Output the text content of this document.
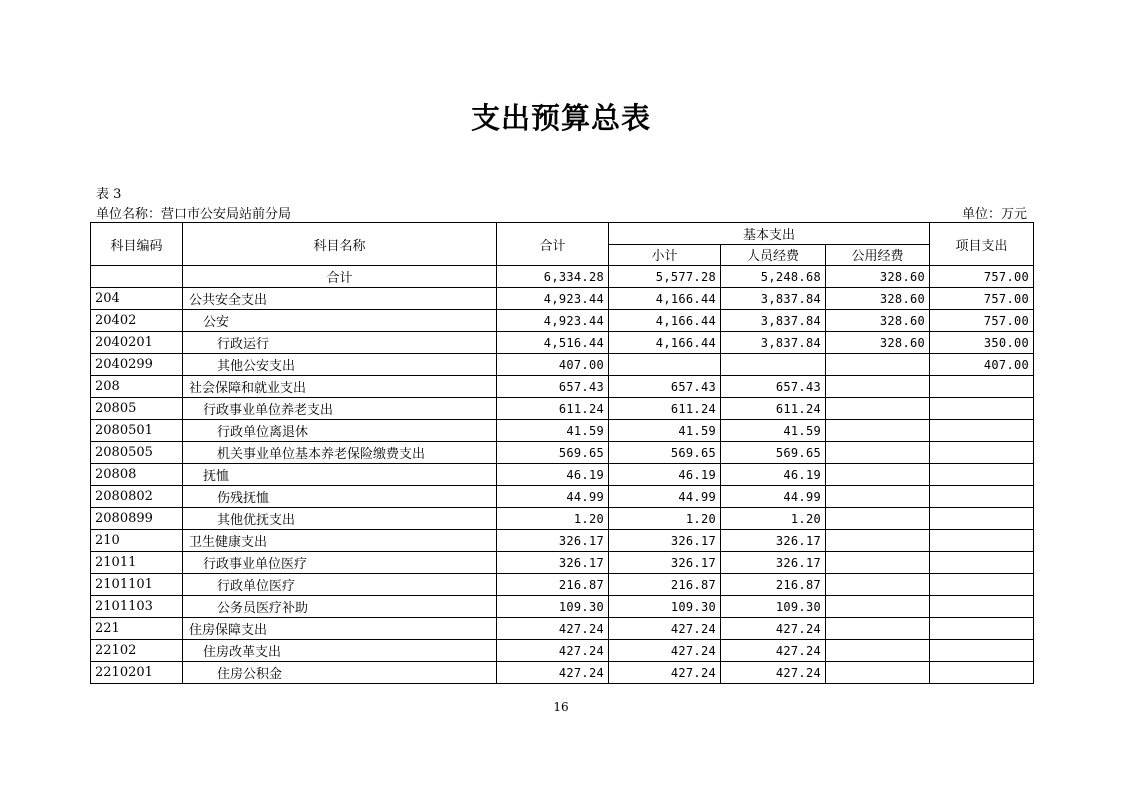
支出预算总表
表 3
单位名称：营口市公安局站前分局	单位：万元
科目编码	科目名称	合计	基本支出			项目支出
			小计	人员经费	公用经费	
	合计	6,334.28	5,577.28	5,248.68	328.60	757.00
204	公共安全支出	4,923.44	4,166.44	3,837.84	328.60	757.00
20402	公安	4,923.44	4,166.44	3,837.84	328.60	757.00
2040201	行政运行	4,516.44	4,166.44	3,837.84	328.60	350.00
2040299	其他公安支出	407.00				407.00
208	社会保障和就业支出	657.43	657.43	657.43		
20805	行政事业单位养老支出	611.24	611.24	611.24		
2080501	行政单位离退休	41.59	41.59	41.59		
2080505	机关事业单位基本养老保险缴费支出	569.65	569.65	569.65		
20808	抚恤	46.19	46.19	46.19		
2080802	伤残抚恤	44.99	44.99	44.99		
2080899	其他优抚支出	1.20	1.20	1.20		
210	卫生健康支出	326.17	326.17	326.17		
21011	行政事业单位医疗	326.17	326.17	326.17		
2101101	行政单位医疗	216.87	216.87	216.87		
2101103	公务员医疗补助	109.30	109.30	109.30		
221	住房保障支出	427.24	427.24	427.24		
22102	住房改革支出	427.24	427.24	427.24		
2210201	住房公积金	427.24	427.24	427.24		
16
